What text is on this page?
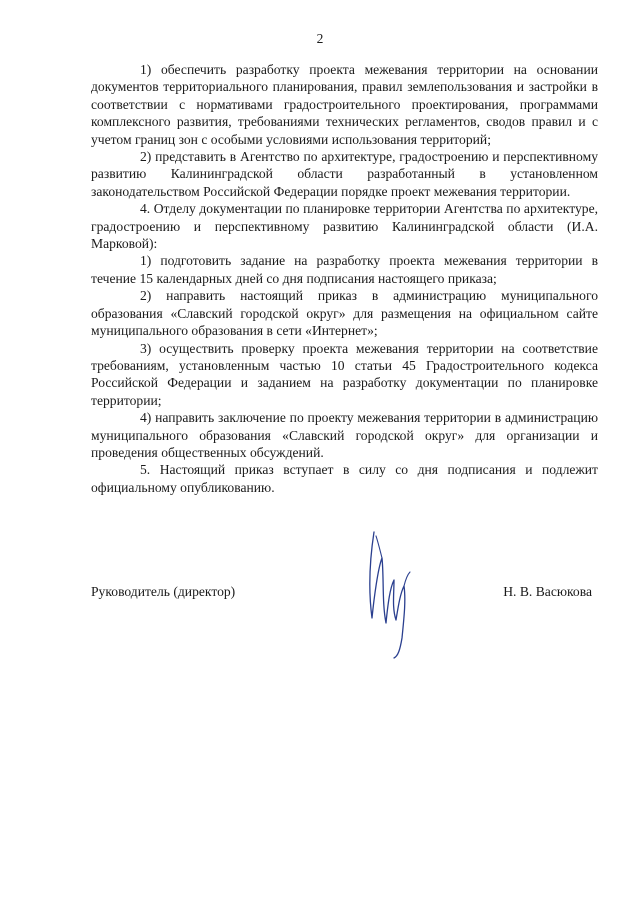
2

1) обеспечить разработку проекта межевания территории на основании документов территориального планирования, правил землепользования и застройки в соответствии с нормативами градостроительного проектирования, программами комплексного развития, требованиями технических регламентов, сводов правил и с учетом границ зон с особыми условиями использования территорий;

2) представить в Агентство по архитектуре, градостроению и перспективному развитию Калининградской области разработанный в установленном законодательством Российской Федерации порядке проект межевания территории.

4. Отделу документации по планировке территории Агентства по архитектуре, градостроению и перспективному развитию Калининградской области (И.А. Марковой):

1) подготовить задание на разработку проекта межевания территории в течение 15 календарных дней со дня подписания настоящего приказа;

2) направить настоящий приказ в администрацию муниципального образования «Славский городской округ» для размещения на официальном сайте муниципального образования в сети «Интернет»;

3) осуществить проверку проекта межевания территории на соответствие требованиям, установленным частью 10 статьи 45 Градостроительного кодекса Российской Федерации и заданием на разработку документации по планировке территории;

4) направить заключение по проекту межевания территории в администрацию муниципального образования «Славский городской округ» для организации и проведения общественных обсуждений.

5. Настоящий приказ вступает в силу со дня подписания и подлежит официальному опубликованию.

Руководитель (директор)	Н. В. Васюкова
